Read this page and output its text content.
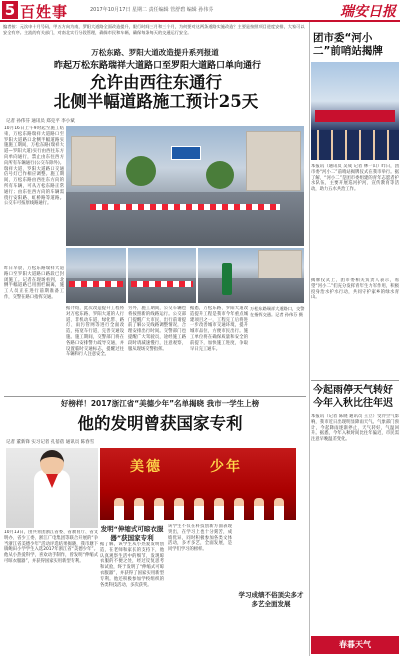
5 百姓事	2017年10月17日 星期二 责任编辑 管舒碧 编辑 孙伟芬	瑞安日报
编者按：元次申十月号码，甲五方向为南，罗阳大道路全面改造提升，限行时间三月和三个月，为何要对这两条道路实施改造？主要是按照项目进度安排，大家可以安全有序。主流的有关部门，对南北实行分段管理，确保市民和车辆，确保每条每天的交通运行安全。
万松东路、罗阳大道改造提升系列报道
昨起万松东路瑞祥大道路口至罗阳大道路口单向通行
允许由西往东通行
北侧半幅道路施工预计25天
记者 孙伟芬 通讯员 郑克平 李小斌
10月16日上午9时起至施工结束，万松东路瑞祥大道路口至罗阳大道路口北侧半幅道路实施施工期间，万松东路(瑞祥大道—罗阳大道)实行由西往东方向单向通行，禁止由东往西方向所有车辆通行(公交车除外)。瑞祥大道、罗阳大道路口交通信号灯已作相应调整。施工期间，万松东路由西往东方向的所有车辆，可从万松东路正常通行；由东往西方向的车辆需绕行安阳路、虹桥路等道路。公交车可按原线路通行。
昨日早晨，万松东路瑞祥大道路口至罗阳大道路口路段已封闭施工。记者在现场看到，北侧半幅道路已用围栏隔离，施工人员正在进行前期准备工作，交警在路口指挥交通。
据介绍，此次改造提升工程将对万松东路、罗阳大道的人行道、非机动车道、绿化带、路灯、雨污管网等进行全面改造，拓宽车行道，完善交通设施。施工期间，交警部门将在各路口安排警力疏导交通，并设置临时交通标志，提醒过往车辆和行人注意安全。
另外，施工期间，公交车辆也将按照新的线路运行。公交部门提醒广大市民，出行前请提前了解公交线路调整情况，合理安排出行时间。交警部门也提醒广大驾驶员，途经施工路段时请减速慢行，注意观察，服从现场交警指挥。
据悉，万松东路、罗阳大道改造提升工程是我市今年重点城建项目之一，工程完工后将进一步改善城市交通环境，提升城市品位，方便市民出行。施工单位将在确保质量和安全的前提下，加快施工进度，争取早日完工通车。
万松东路瑞祥大道路口，交警在指挥交通。记者 孙伟芬 摄
好榜样！2017浙江省“美德少年”名单揭晓 我市一学生上榜
他的发明曾获国家专利
记者 董新锋 实习记者 孔蓓蓓 通讯员 陈春雪
美德	少年
10月13日，由共青团浙江省委、省教育厅、省文明办、省少工委、浙江广电集团等联合开展的“争当浙江省美德少年”活动评选结果揭晓，我市塘下镇鲍田小学学生入选2017年浙江省“美德少年”。他从小热爱科学，喜欢动手制作，曾发明“伸缩式可晾衣服器”，并获得国家实用新型专利。
发明“伸缩式可晾衣服器”获国家专利
据了解，该学生从小热爱发明创造，在老师和家长的支持下，他认真观察生活中的细节，发现晾衣服的不便之处，经过反复思考和试验，终于发明了“伸缩式可晾衣服器”，并获得了国家实用新型专利。他还积极参加学校组织的各类科技活动，多次获奖。
该学生不仅在科技创新方面表现突出，在学习上也十分刻苦，成绩优异，同时积极参加各类文体活动，多才多艺，全面发展，是同学们学习的榜样。
学习成绩不俗顶尖多才多艺全面发展
团市委“河小二”前哨站揭牌
本报讯（通讯员 吴成 记者 林一山）昨日，团市委“河小二”前哨站揭牌仪式在我市举行。据了解，“河小二”是团市委组建的青年志愿者护水队伍，主要开展巡河护河、宣传教育等活动，助力五水共治工作。
揭牌仪式上，团市委相关负责人表示，希望“河小二”们充分发挥青年生力军作用，积极投身治水护水行动，共同守护家乡的绿水青山。
今起雨停天气转好 今年入秋比往年迟
本报讯（记者 陈晓 通讯员 王立）受冷空气影响，我市近日出现明显降雨天气。气象部门预计，今起降雨逐渐停止，天气转好，气温回升。据悉，今年入秋时间比往年偏迟，市民需注意早晚温差变化。
春暮天气
